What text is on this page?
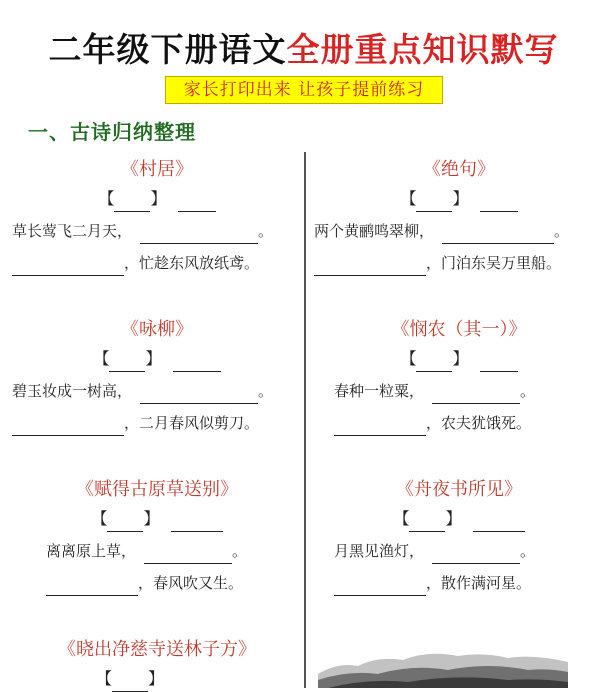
二年级下册语文全册重点知识默写
家长打印出来 让孩子提前练习
一、古诗归纳整理
《村居》
【 】
草长莺飞二月天，	。
，忙趁东风放纸鸢。
《绝句》
【 】
两个黄鹂鸣翠柳，	。
，门泊东吴万里船。
《咏柳》
【 】
碧玉妆成一树高，	。
，二月春风似剪刀。
《悯农（其一）》
【 】
春种一粒粟，	。
，农夫犹饿死。
《赋得古原草送别》
【 】
离离原上草，	。
，春风吹又生。
《舟夜书所见》
【 】
月黑见渔灯，	。
，散作满河星。
《晓出净慈寺送林子方》
【 】
